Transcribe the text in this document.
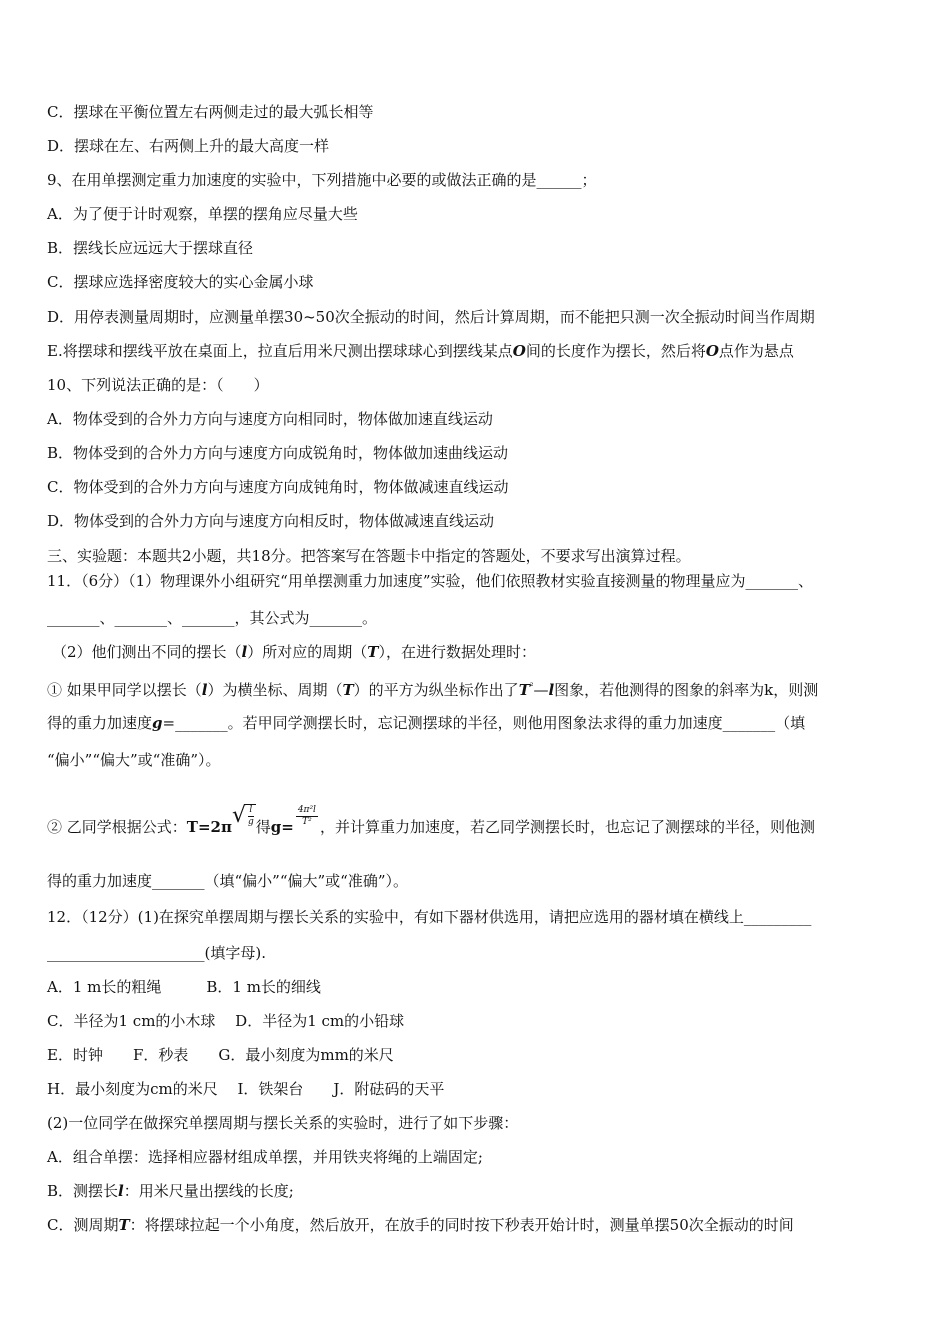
C．摆球在平衡位置左右两侧走过的最大弧长相等
D．摆球在左、右两侧上升的最大高度一样
9、在用单摆测定重力加速度的实验中，下列措施中必要的或做法正确的是______；
A．为了便于计时观察，单摆的摆角应尽量大些
B．摆线长应远远大于摆球直径
C．摆球应选择密度较大的实心金属小球
D．用停表测量周期时，应测量单摆30~50次全振动的时间，然后计算周期，而不能把只测一次全振动时间当作周期
E.将摆球和摆线平放在桌面上，拉直后用米尺测出摆球球心到摆线某点O间的长度作为摆长，然后将O点作为悬点
10、下列说法正确的是：（　　）
A．物体受到的合外力方向与速度方向相同时，物体做加速直线运动
B．物体受到的合外力方向与速度方向成锐角时，物体做加速曲线运动
C．物体受到的合外力方向与速度方向成钝角时，物体做减速直线运动
D．物体受到的合外力方向与速度方向相反时，物体做减速直线运动
三、实验题：本题共2小题，共18分。把答案写在答题卡中指定的答题处，不要求写出演算过程。
11．（6分）（1）物理课外小组研究“用单摆测重力加速度”实验，他们依照教材实验直接测量的物理量应为_______、
_______、_______、_______，其公式为_______。
（2）他们测出不同的摆长（l）所对应的周期（T），在进行数据处理时：
① 如果甲同学以摆长（l）为横坐标、周期（T）的平方为纵坐标作出了$T^{^2}—l$图象，若他测得的图象的斜率为k，则测
得的重力加速度g=_______。若甲同学测摆长时，忘记测摆球的半径，则他用图象法求得的重力加速度_______（填
“偏小”“偏大”或“准确”）。
② 乙同学根据公式：$T=2\pi√ \frac{l}{g}$ 得$g= \frac{\text{4π²l}}{\text{T²}}$ ，并计算重力加速度，若乙同学测摆长时，也忘记了测摆球的半径，则他测
得的重力加速度_______（填“偏小”“偏大”或“准确”）。
12．（12分）(1)在探究单摆周期与摆长关系的实验中，有如下器材供选用，请把应选用的器材填在横线上_________
_____________________(填字母).
A．1 m长的粗绳　　　B．1 m长的细线
C．半径为1 cm的小木球　 D．半径为1 cm的小铅球
E．时钟　　F．秒表　　G．最小刻度为mm的米尺
H．最小刻度为cm的米尺　 I．铁架台　　J．附砝码的天平
(2)一位同学在做探究单摆周期与摆长关系的实验时，进行了如下步骤：
A．组合单摆：选择相应器材组成单摆，并用铁夹将绳的上端固定;
B．测摆长l：用米尺量出摆线的长度;
C．测周期T：将摆球拉起一个小角度，然后放开，在放手的同时按下秒表开始计时，测量单摆50次全振动的时间
